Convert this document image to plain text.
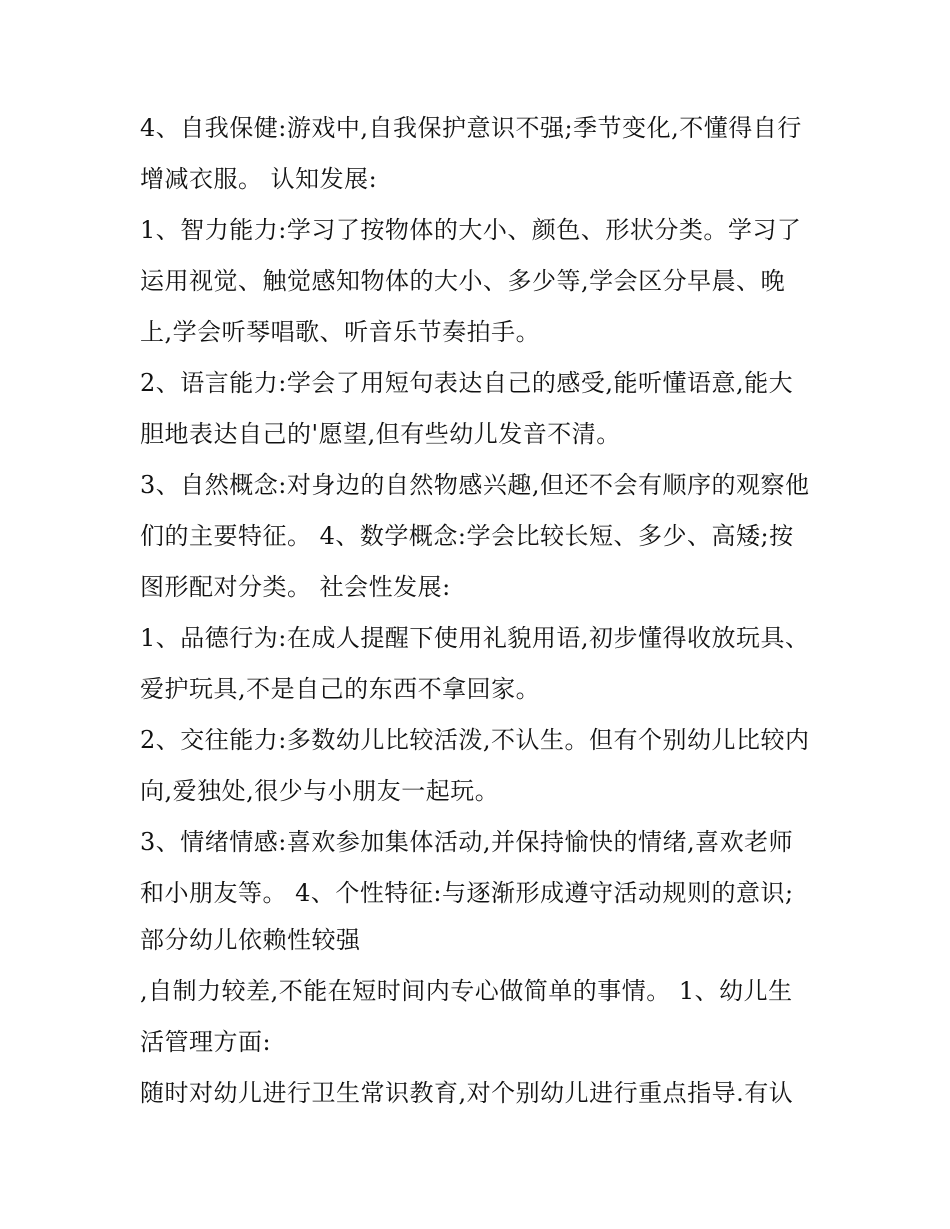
4、自我保健:游戏中,自我保护意识不强;季节变化,不懂得自行
增减衣服。 认知发展:
1、智力能力:学习了按物体的大小、颜色、形状分类。学习了
运用视觉、触觉感知物体的大小、多少等,学会区分早晨、晚
上,学会听琴唱歌、听音乐节奏拍手。
2、语言能力:学会了用短句表达自己的感受,能听懂语意,能大
胆地表达自己的'愿望,但有些幼儿发音不清。
3、自然概念:对身边的自然物感兴趣,但还不会有顺序的观察他
们的主要特征。 4、数学概念:学会比较长短、多少、高矮;按
图形配对分类。 社会性发展:
1、品德行为:在成人提醒下使用礼貌用语,初步懂得收放玩具、
爱护玩具,不是自己的东西不拿回家。
2、交往能力:多数幼儿比较活泼,不认生。但有个别幼儿比较内
向,爱独处,很少与小朋友一起玩。
3、情绪情感:喜欢参加集体活动,并保持愉快的情绪,喜欢老师
和小朋友等。 4、个性特征:与逐渐形成遵守活动规则的意识;
部分幼儿依赖性较强
,自制力较差,不能在短时间内专心做简单的事情。 1、幼儿生
活管理方面:
随时对幼儿进行卫生常识教育,对个别幼儿进行重点指导.有认
